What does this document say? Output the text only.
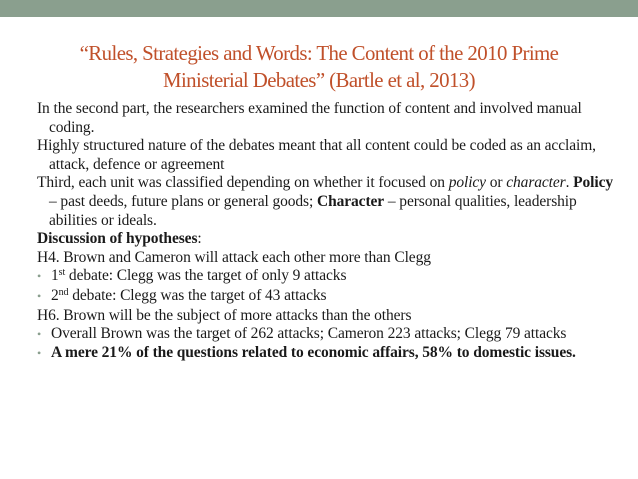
“Rules, Strategies and Words: The Content of the 2010 Prime
Ministerial Debates” (Bartle et al, 2013)

In the second part, the researchers examined the function of content and involved manual coding.

Highly structured nature of the debates meant that all content could be coded as an acclaim, attack, defence or agreement

Third, each unit was classified depending on whether it focused on policy or character. Policy – past deeds, future plans or general goods; Character – personal qualities, leadership abilities or ideals.

Discussion of hypotheses:

H4. Brown and Cameron will attack each other more than Clegg

• 1st debate: Clegg was the target of only 9 attacks
• 2nd debate: Clegg was the target of 43 attacks

H6. Brown will be the subject of more attacks than the others

• Overall Brown was the target of 262 attacks; Cameron 223 attacks; Clegg 79 attacks
• A mere 21% of the questions related to economic affairs, 58% to domestic issues.
